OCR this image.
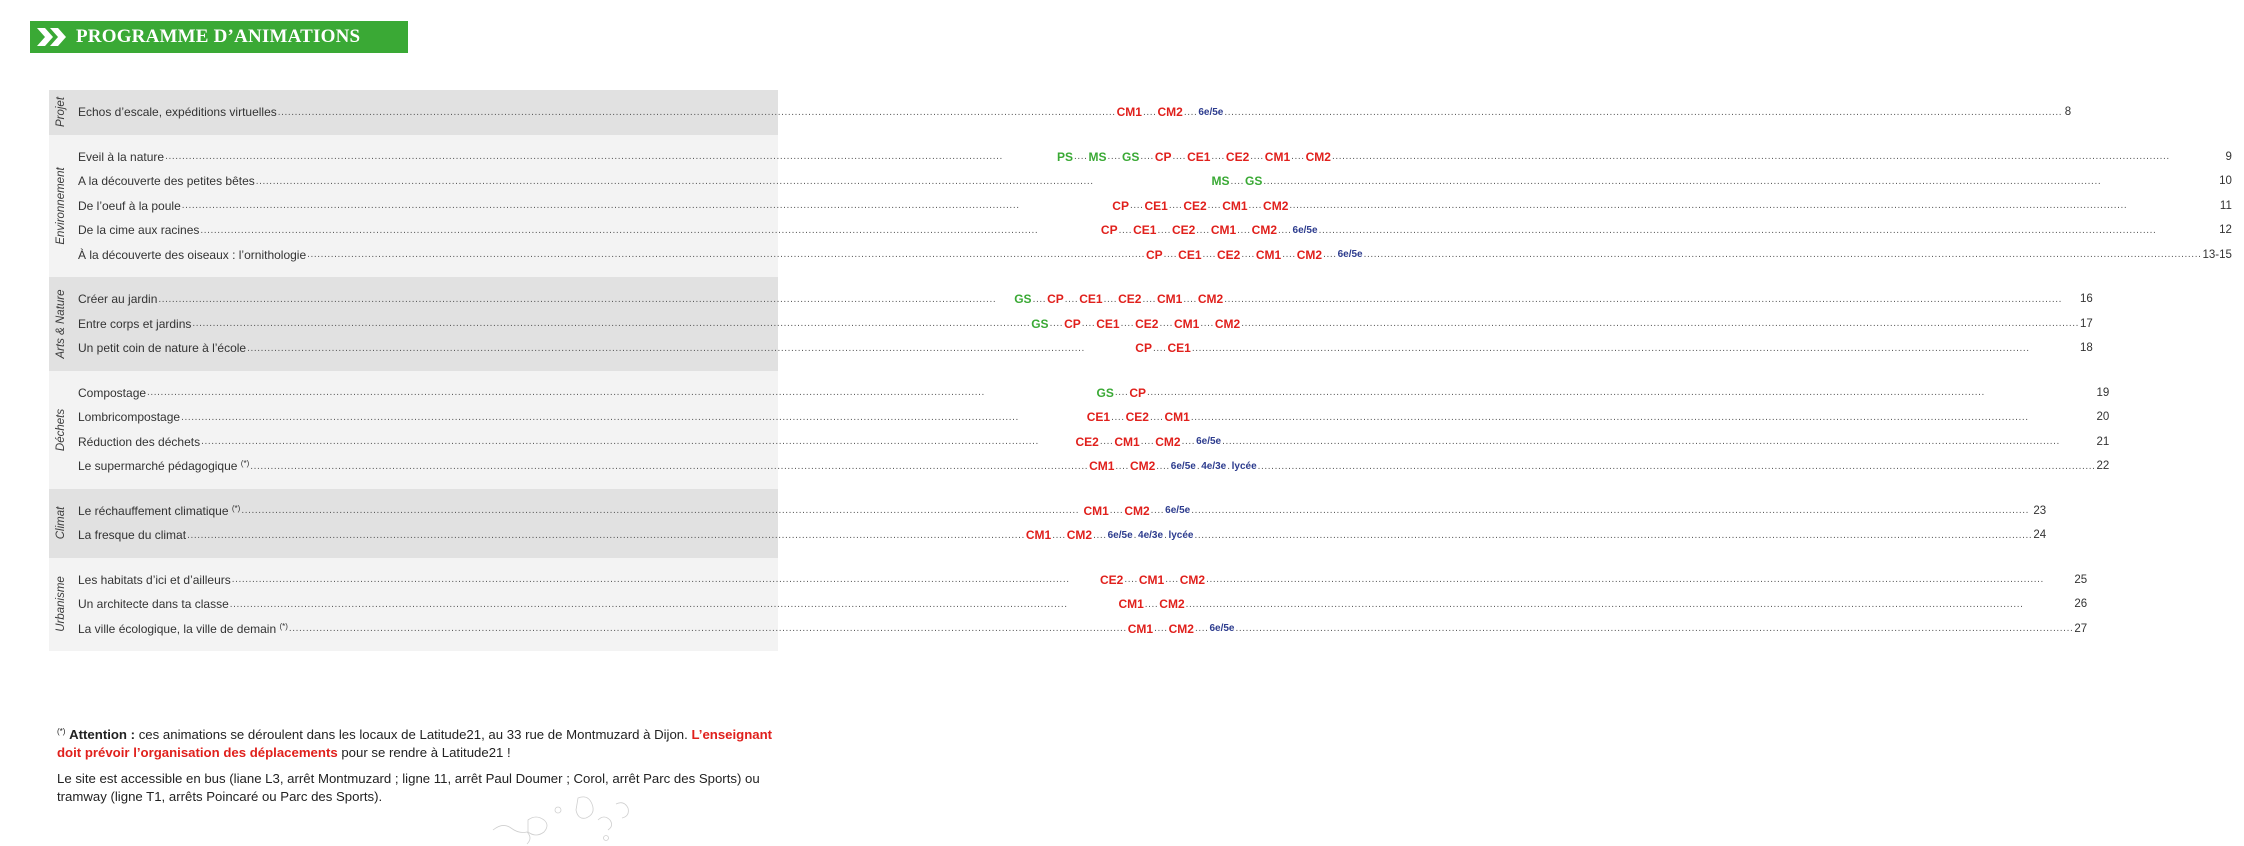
PROGRAMME D’ANIMATIONS
Projet Echos d’escale, expéditions virtuelles .....	CM1 .... CM2 .... 6e/5e .....	8
Environnement
Eveil à la nature .....	PS .... MS .... GS .... CP .... CE1 .... CE2 .... CM1 .... CM2 .....	9
A la découverte des petites bêtes .....	MS .... GS .....	10
De l’oeuf à la poule .....	CP .... CE1 .... CE2 .... CM1 .... CM2 .....	11
De la cime aux racines .....	CP .... CE1 .... CE2 .... CM1 .... CM2 .... 6e/5e .....	12
À la découverte des oiseaux : l’ornithologie .....	CP .... CE1 .... CE2 .... CM1 .... CM2 .... 6e/5e .....	13-15
Arts & Nature Créer au jardin .....	GS .... CP .... CE1 .... CE2 .... CM1 .... CM2 .....	16
Entre corps et jardins .....	GS .... CP .... CE1 .... CE2 .... CM1 .... CM2 .....	17
Un petit coin de nature à l’école .....	CP .... CE1 .....	18
Déchets
Compostage .....	GS .... CP .....	19
Lombricompostage .....	CE1 .... CE2 .... CM1 .....	20
Réduction des déchets .....	CE2 .... CM1 .... CM2 .... 6e/5e .....	21
Le supermarché pédagogique (*) .....	CM1 .... CM2 .... 6e/5e . 4e/3e . lycée .....	22
Climat Le réchauffement climatique (*) .....	CM1 .... CM2 .... 6e/5e .....	23
La fresque du climat .....	CM1 .... CM2 .... 6e/5e . 4e/3e . lycée .....	24
Urbanisme Les habitats d’ici et d’ailleurs .....	CE2 .... CM1 .... CM2 .....	25
Un architecte dans ta classe .....	CM1 .... CM2 .....	26
La ville écologique, la ville de demain (*) .....	CM1 .... CM2 .... 6e/5e .....	27

(*) Attention : ces animations se déroulent dans les locaux de Latitude21, au 33 rue de Montmuzard à Dijon. L’enseignant doit prévoir l’organisation des déplacements pour se rendre à Latitude21 !

Le site est accessible en bus (liane L3, arrêt Montmuzard ; ligne 11, arrêt Paul Doumer ; Corol, arrêt Parc des Sports) ou tramway (ligne T1, arrêts Poincaré ou Parc des Sports).
